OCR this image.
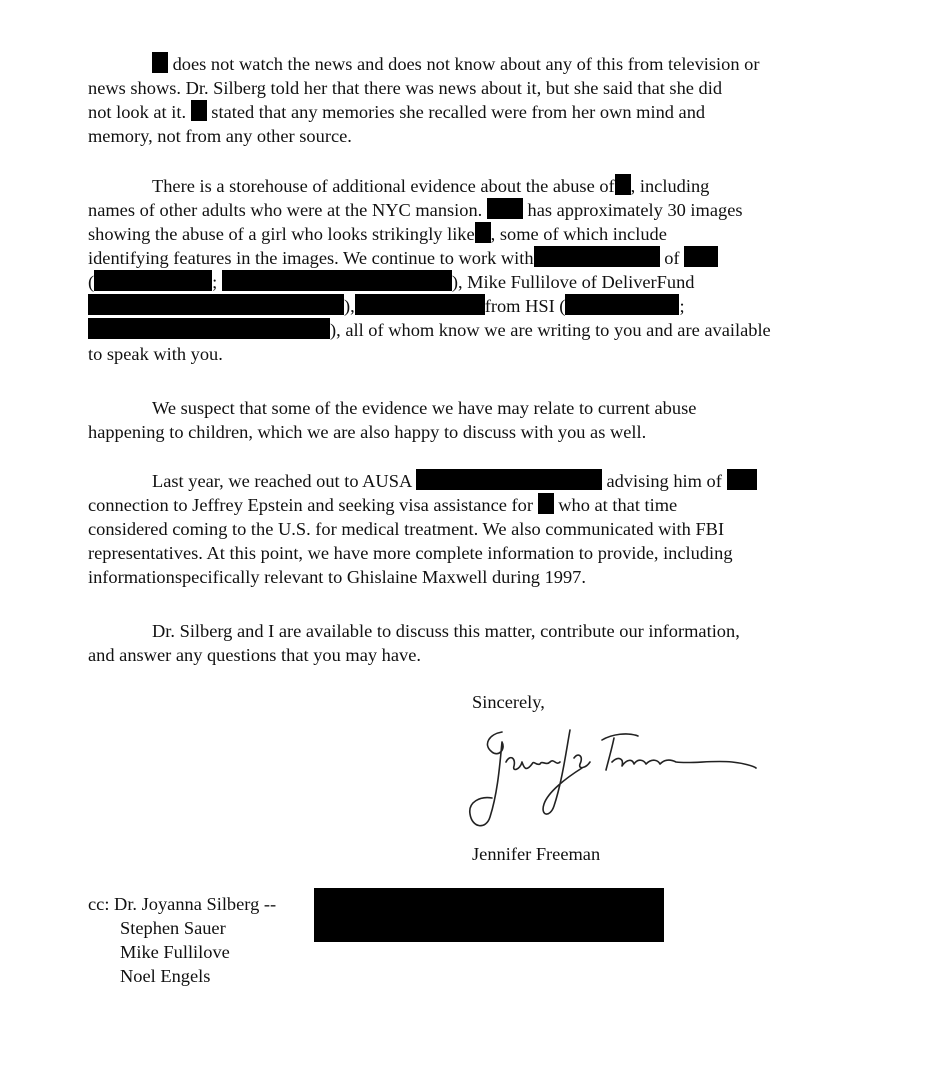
does not watch the news and does not know about any of this from television or
news shows. Dr. Silberg told her that there was news about it, but she said that she did
not look at it. stated that any memories she recalled were from her own mind and
memory, not from any other source.
There is a storehouse of additional evidence about the abuse of , including
names of other adults who were at the NYC mansion. has approximately 30 images
showing the abuse of a girl who looks strikingly like , some of which include
identifying features in the images. We continue to work with	of
(	;	), Mike Fullilove of DeliverFund
),	from HSI (	;
), all of whom know we are writing to you and are available
to speak with you.
We suspect that some of the evidence we have may relate to current abuse
happening to children, which we are also happy to discuss with you as well.
Last year, we reached out to AUSA	advising him of
connection to Jeffrey Epstein and seeking visa assistance for who at that time
considered coming to the U.S. for medical treatment. We also communicated with FBI
representatives. At this point, we have more complete information to provide, including
informationspecifically relevant to Ghislaine Maxwell during 1997.
Dr. Silberg and I are available to discuss this matter, contribute our information,
and answer any questions that you may have.
Sincerely,
Jennifer Freeman
cc: Dr. Joyanna Silberg --
Stephen Sauer
Mike Fullilove
Noel Engels
